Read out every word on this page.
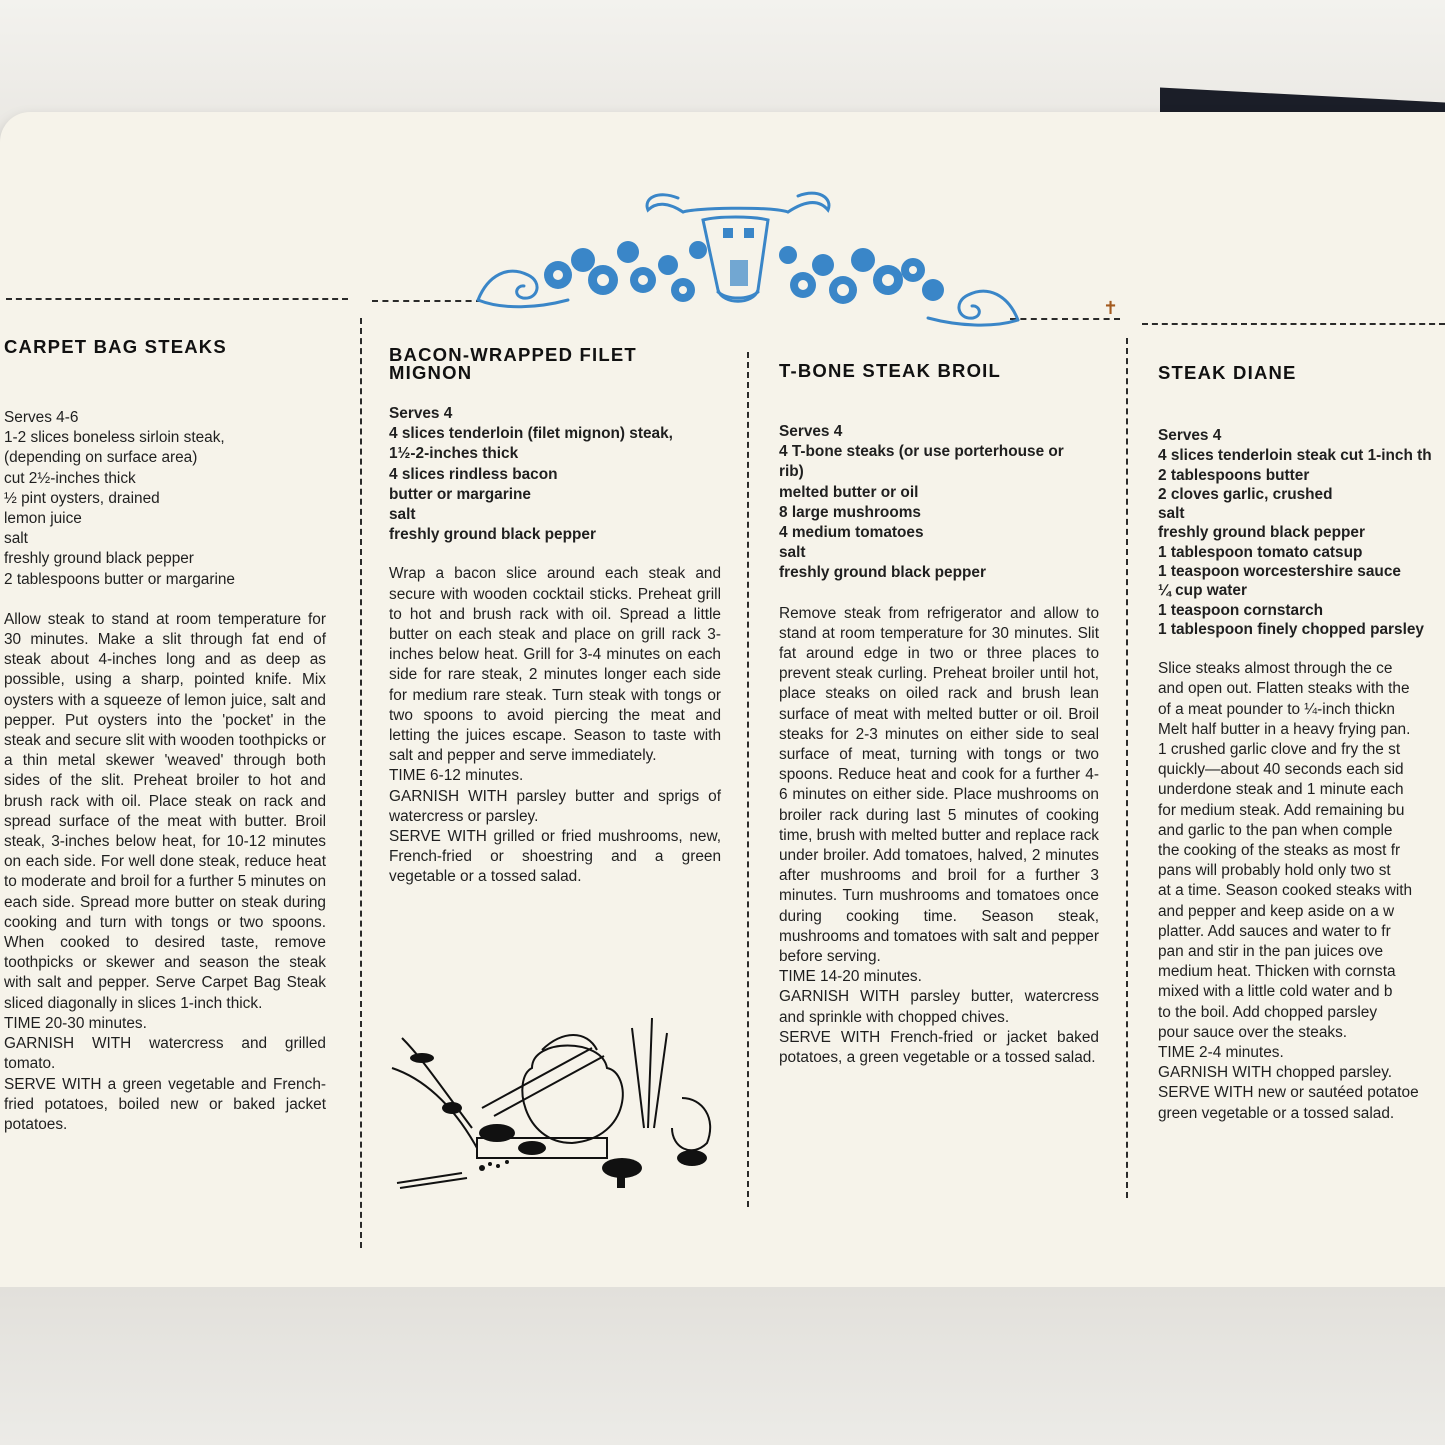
✝
CARPET BAG STEAKS

Serves 4-6

1-2 slices boneless sirloin steak,

(depending on surface area)

cut 2½-inches thick

½ pint oysters, drained

lemon juice

salt

freshly ground black pepper

2 tablespoons butter or margarine

Allow steak to stand at room temperature for 30 minutes. Make a slit through fat end of steak about 4-inches long and as deep as possible, using a sharp, pointed knife. Mix oysters with a squeeze of lemon juice, salt and pepper. Put oysters into the 'pocket' in the steak and secure slit with wooden toothpicks or a thin metal skewer 'weaved' through both sides of the slit. Preheat broiler to hot and brush rack with oil. Place steak on rack and spread surface of the meat with butter. Broil steak, 3-inches below heat, for 10-12 minutes on each side. For well done steak, reduce heat to moderate and broil for a further 5 minutes on each side. Spread more butter on steak during cooking and turn with tongs or two spoons. When cooked to desired taste, remove toothpicks or skewer and season the steak with salt and pepper. Serve Carpet Bag Steak sliced diagonally in slices 1-inch thick.

TIME 20-30 minutes.

GARNISH WITH watercress and grilled tomato.

SERVE WITH a green vegetable and French-fried potatoes, boiled new or baked jacket potatoes.

BACON-WRAPPED FILET MIGNON

Serves 4

4 slices tenderloin (filet mignon) steak,

1½-2-inches thick

4 slices rindless bacon

butter or margarine

salt

freshly ground black pepper

Wrap a bacon slice around each steak and secure with wooden cocktail sticks. Preheat grill to hot and brush rack with oil. Spread a little butter on each steak and place on grill rack 3-inches below heat. Grill for 3-4 minutes on each side for rare steak, 2 minutes longer each side for medium rare steak. Turn steak with tongs or two spoons to avoid piercing the meat and letting the juices escape. Season to taste with salt and pepper and serve immediately.

TIME 6-12 minutes.

GARNISH WITH parsley butter and sprigs of watercress or parsley.

SERVE WITH grilled or fried mushrooms, new, French-fried or shoestring and a green vegetable or a tossed salad.

T-BONE STEAK BROIL

Serves 4

4 T-bone steaks (or use porterhouse or

rib)

melted butter or oil

8 large mushrooms

4 medium tomatoes

salt

freshly ground black pepper

Remove steak from refrigerator and allow to stand at room temperature for 30 minutes. Slit fat around edge in two or three places to prevent steak curling. Preheat broiler until hot, place steaks on oiled rack and brush lean surface of meat with melted butter or oil. Broil steaks for 2-3 minutes on either side to seal surface of meat, turning with tongs or two spoons. Reduce heat and cook for a further 4-6 minutes on either side. Place mushrooms on broiler rack during last 5 minutes of cooking time, brush with melted butter and replace rack under broiler. Add tomatoes, halved, 2 minutes after mushrooms and broil for a further 3 minutes. Turn mushrooms and tomatoes once during cooking time. Season steak, mushrooms and tomatoes with salt and pepper before serving.

TIME 14-20 minutes.

GARNISH WITH parsley butter, watercress and sprinkle with chopped chives.

SERVE WITH French-fried or jacket baked potatoes, a green vegetable or a tossed salad.

STEAK DIANE

Serves 4

4 slices tenderloin steak cut 1-inch th

2 tablespoons butter

2 cloves garlic, crushed

salt

freshly ground black pepper

1 tablespoon tomato catsup

1 teaspoon worcestershire sauce

¼ cup water

1 teaspoon cornstarch

1 tablespoon finely chopped parsley

Slice steaks almost through the ce

and open out. Flatten steaks with the

of a meat pounder to ¼-inch thickn

Melt half butter in a heavy frying pan.

1 crushed garlic clove and fry the st

quickly—about 40 seconds each sid

underdone steak and 1 minute each

for medium steak. Add remaining bu

and garlic to the pan when comple

the cooking of the steaks as most fr

pans will probably hold only two st

at a time. Season cooked steaks with

and pepper and keep aside on a w

platter. Add sauces and water to fr

pan and stir in the pan juices ove

medium heat. Thicken with cornsta

mixed with a little cold water and b

to the boil. Add chopped parsley

pour sauce over the steaks.

TIME 2-4 minutes.

GARNISH WITH chopped parsley.

SERVE WITH new or sautéed potatoe

green vegetable or a tossed salad.
